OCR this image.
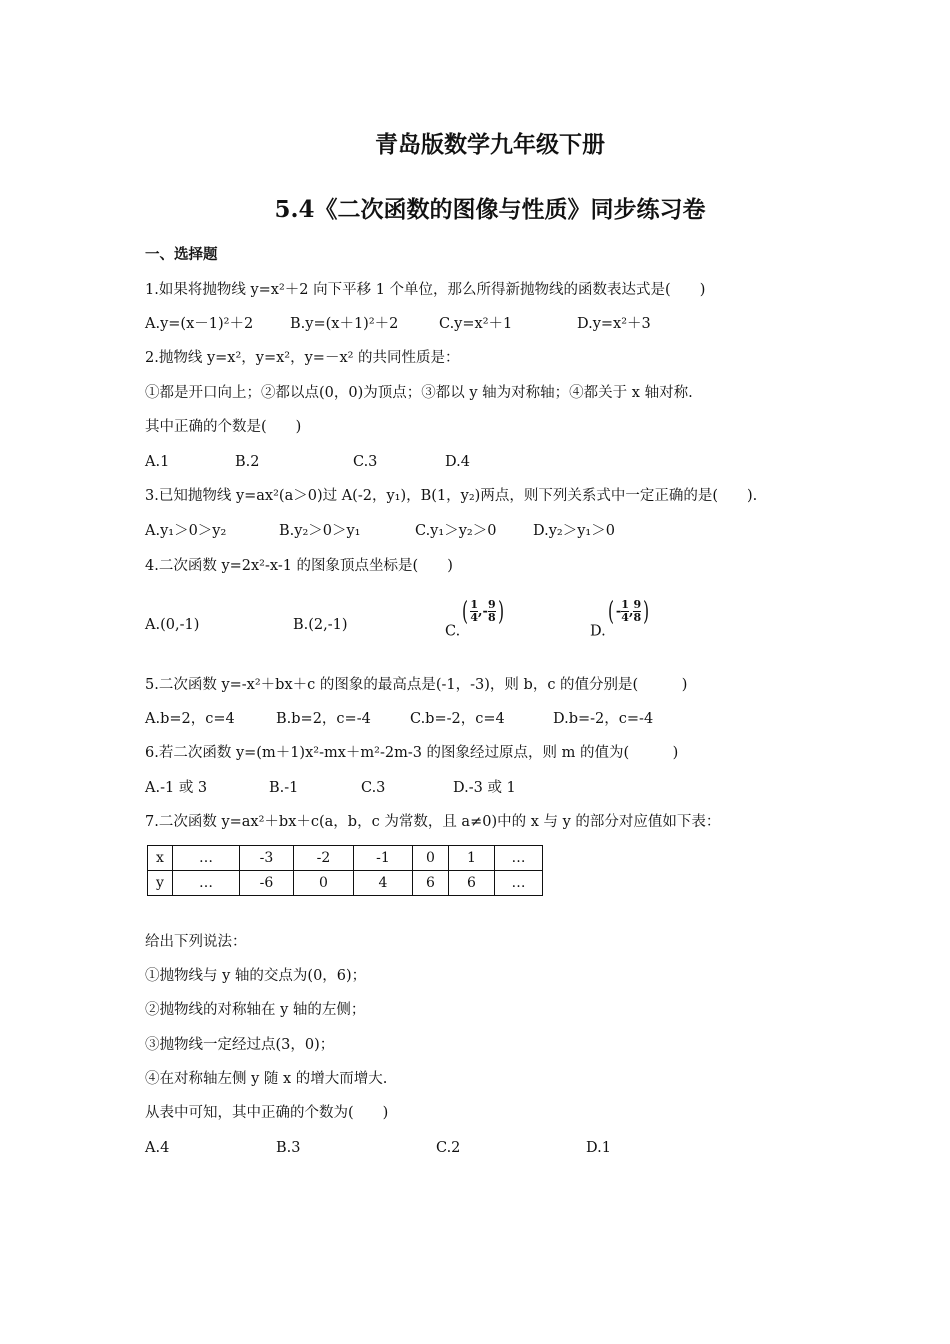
青岛版数学九年级下册
5.4《二次函数的图像与性质》同步练习卷
一、选择题
1.如果将抛物线 y=x²＋2 向下平移 1 个单位，那么所得新抛物线的函数表达式是(　　)
A.y=(x－1)²＋2	B.y=(x＋1)²＋2	C.y=x²＋1	D.y=x²＋3
2.抛物线 y=x²，y=x²，y=－x² 的共同性质是：
①都是开口向上；②都以点(0，0)为顶点；③都以 y 轴为对称轴；④都关于 x 轴对称.
其中正确的个数是(　　)
A.1	B.2	C.3	D.4
3.已知抛物线 y=ax²(a＞0)过 A(-2，y₁)，B(1，y₂)两点，则下列关系式中一定正确的是(　　).
A.y₁＞0＞y₂	B.y₂＞0＞y₁	C.y₁＞y₂＞0	D.y₂＞y₁＞0
4.二次函数 y=2x²-x-1 的图象顶点坐标是(　　)
A.(0,-1)	B.(2,-1)	C.
( 1
4 , - 9
8 )
D.
( - 1
4 , 9
8 )
5.二次函数 y=-x²＋bx＋c 的图象的最高点是(-1，-3)，则 b，c 的值分别是(　　　)
A.b=2，c=4	B.b=2，c=-4	C.b=-2，c=4	D.b=-2，c=-4
6.若二次函数 y=(m＋1)x²-mx＋m²-2m-3 的图象经过原点，则 m 的值为(　　　)
A.-1 或 3	B.-1	C.3	D.-3 或 1
7.二次函数 y=ax²＋bx＋c(a，b，c 为常数，且 a≠0)中的 x 与 y 的部分对应值如下表：
x	…	-3	-2	-1	0	1	…
y	…	-6	0	4	6	6	…
给出下列说法：
①抛物线与 y 轴的交点为(0，6)；
②抛物线的对称轴在 y 轴的左侧；
③抛物线一定经过点(3，0)；
④在对称轴左侧 y 随 x 的增大而增大.
从表中可知，其中正确的个数为(　　)
A.4	B.3	C.2	D.1
